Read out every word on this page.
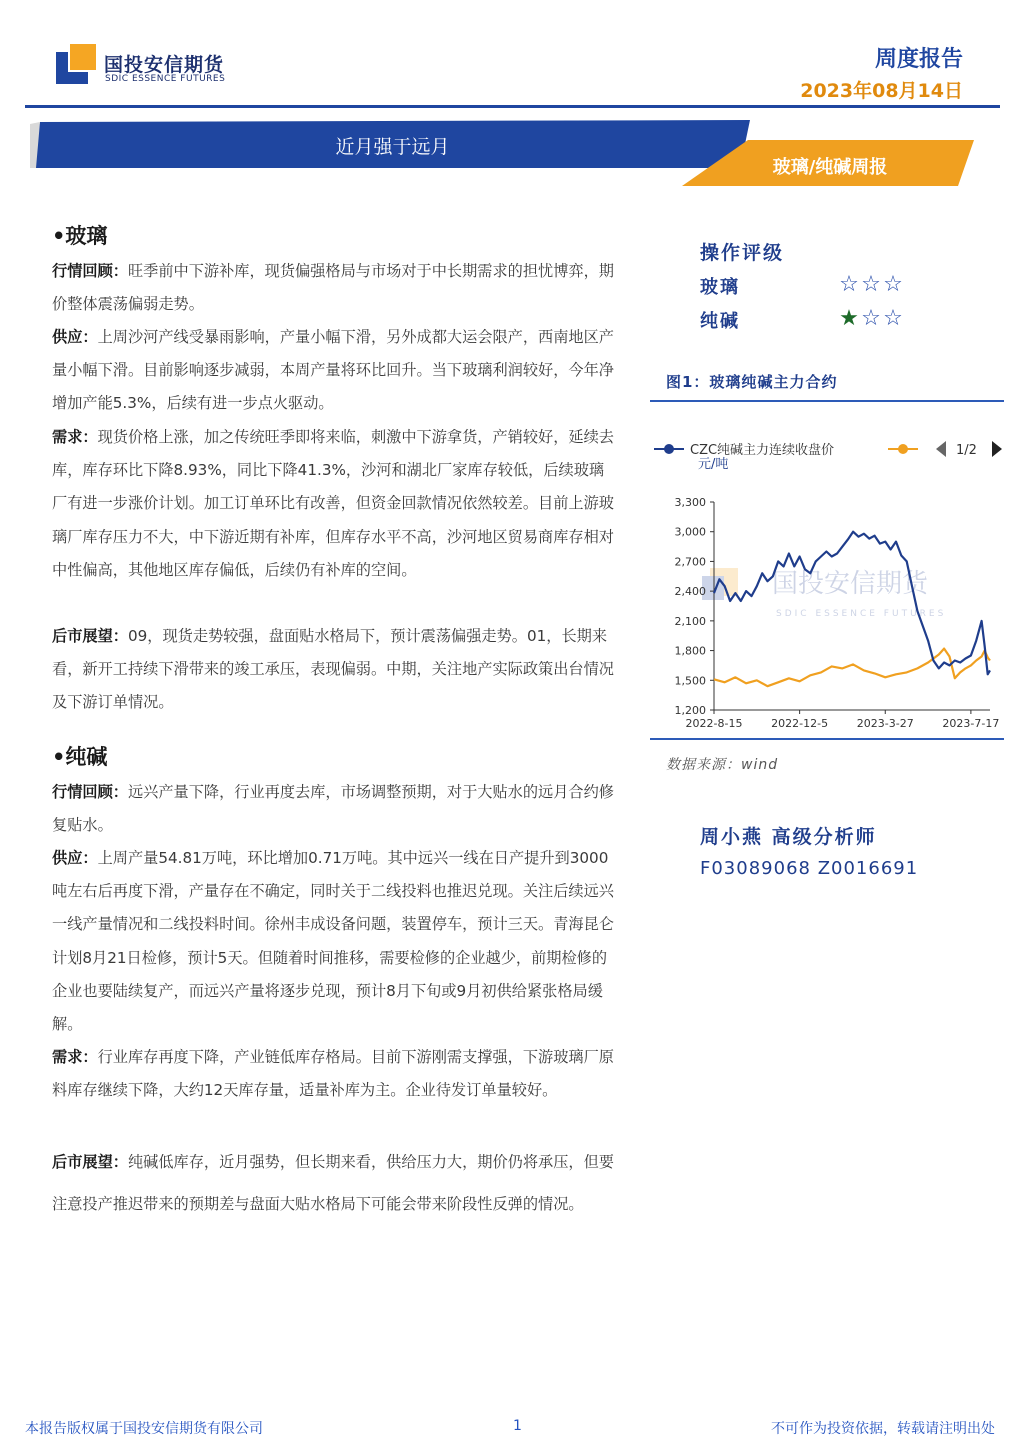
国投安信期货
SDIC ESSENCE FUTURES
周度报告
2023年08月14日
近月强于远月
玻璃/纯碱周报
•玻璃

行情回顾：旺季前中下游补库，现货偏强格局与市场对于中长期需求的担忧博弈，期价整体震荡偏弱走势。

供应：上周沙河产线受暴雨影响，产量小幅下滑，另外成都大运会限产，西南地区产量小幅下滑。目前影响逐步减弱，本周产量将环比回升。当下玻璃利润较好，今年净增加产能5.3%，后续有进一步点火驱动。

需求：现货价格上涨，加之传统旺季即将来临，刺激中下游拿货，产销较好，延续去库，库存环比下降8.93%，同比下降41.3%，沙河和湖北厂家库存较低，后续玻璃厂有进一步涨价计划。加工订单环比有改善，但资金回款情况依然较差。目前上游玻璃厂库存压力不大，中下游近期有补库，但库存水平不高，沙河地区贸易商库存相对中性偏高，其他地区库存偏低，后续仍有补库的空间。

后市展望：09，现货走势较强，盘面贴水格局下，预计震荡偏强走势。01，长期来看，新开工持续下滑带来的竣工承压，表现偏弱。中期，关注地产实际政策出台情况及下游订单情况。

•纯碱

行情回顾：远兴产量下降，行业再度去库，市场调整预期，对于大贴水的远月合约修复贴水。

供应：上周产量54.81万吨，环比增加0.71万吨。其中远兴一线在日产提升到3000吨左右后再度下滑，产量存在不确定，同时关于二线投料也推迟兑现。关注后续远兴一线产量情况和二线投料时间。徐州丰成设备问题，装置停车，预计三天。青海昆仑计划8月21日检修，预计5天。但随着时间推移，需要检修的企业越少，前期检修的企业也要陆续复产，而远兴产量将逐步兑现，预计8月下旬或9月初供给紧张格局缓解。

需求：行业库存再度下降，产业链低库存格局。目前下游刚需支撑强，下游玻璃厂原料库存继续下降，大约12天库存量，适量补库为主。企业待发订单量较好。

后市展望：纯碱低库存，近月强势，但长期来看，供给压力大，期价仍将承压，但要注意投产推迟带来的预期差与盘面大贴水格局下可能会带来阶段性反弹的情况。

操作评级
玻璃	☆ ☆ ☆
纯碱	★ ☆ ☆
图1：玻璃纯碱主力合约
CZC纯碱主力连续收盘价	1/2
元/吨
国投安信期货
SDIC ESSENCE FUTURES
3,300
3,000
2,700
2,400
2,100
1,800
1,500
1,200
2022-8-15	2022-12-5	2023-3-27	2023-7-17
数据来源：wind
周小燕 高级分析师
F03089068 Z0016691
本报告版权属于国投安信期货有限公司	1	不可作为投资依据，转载请注明出处
